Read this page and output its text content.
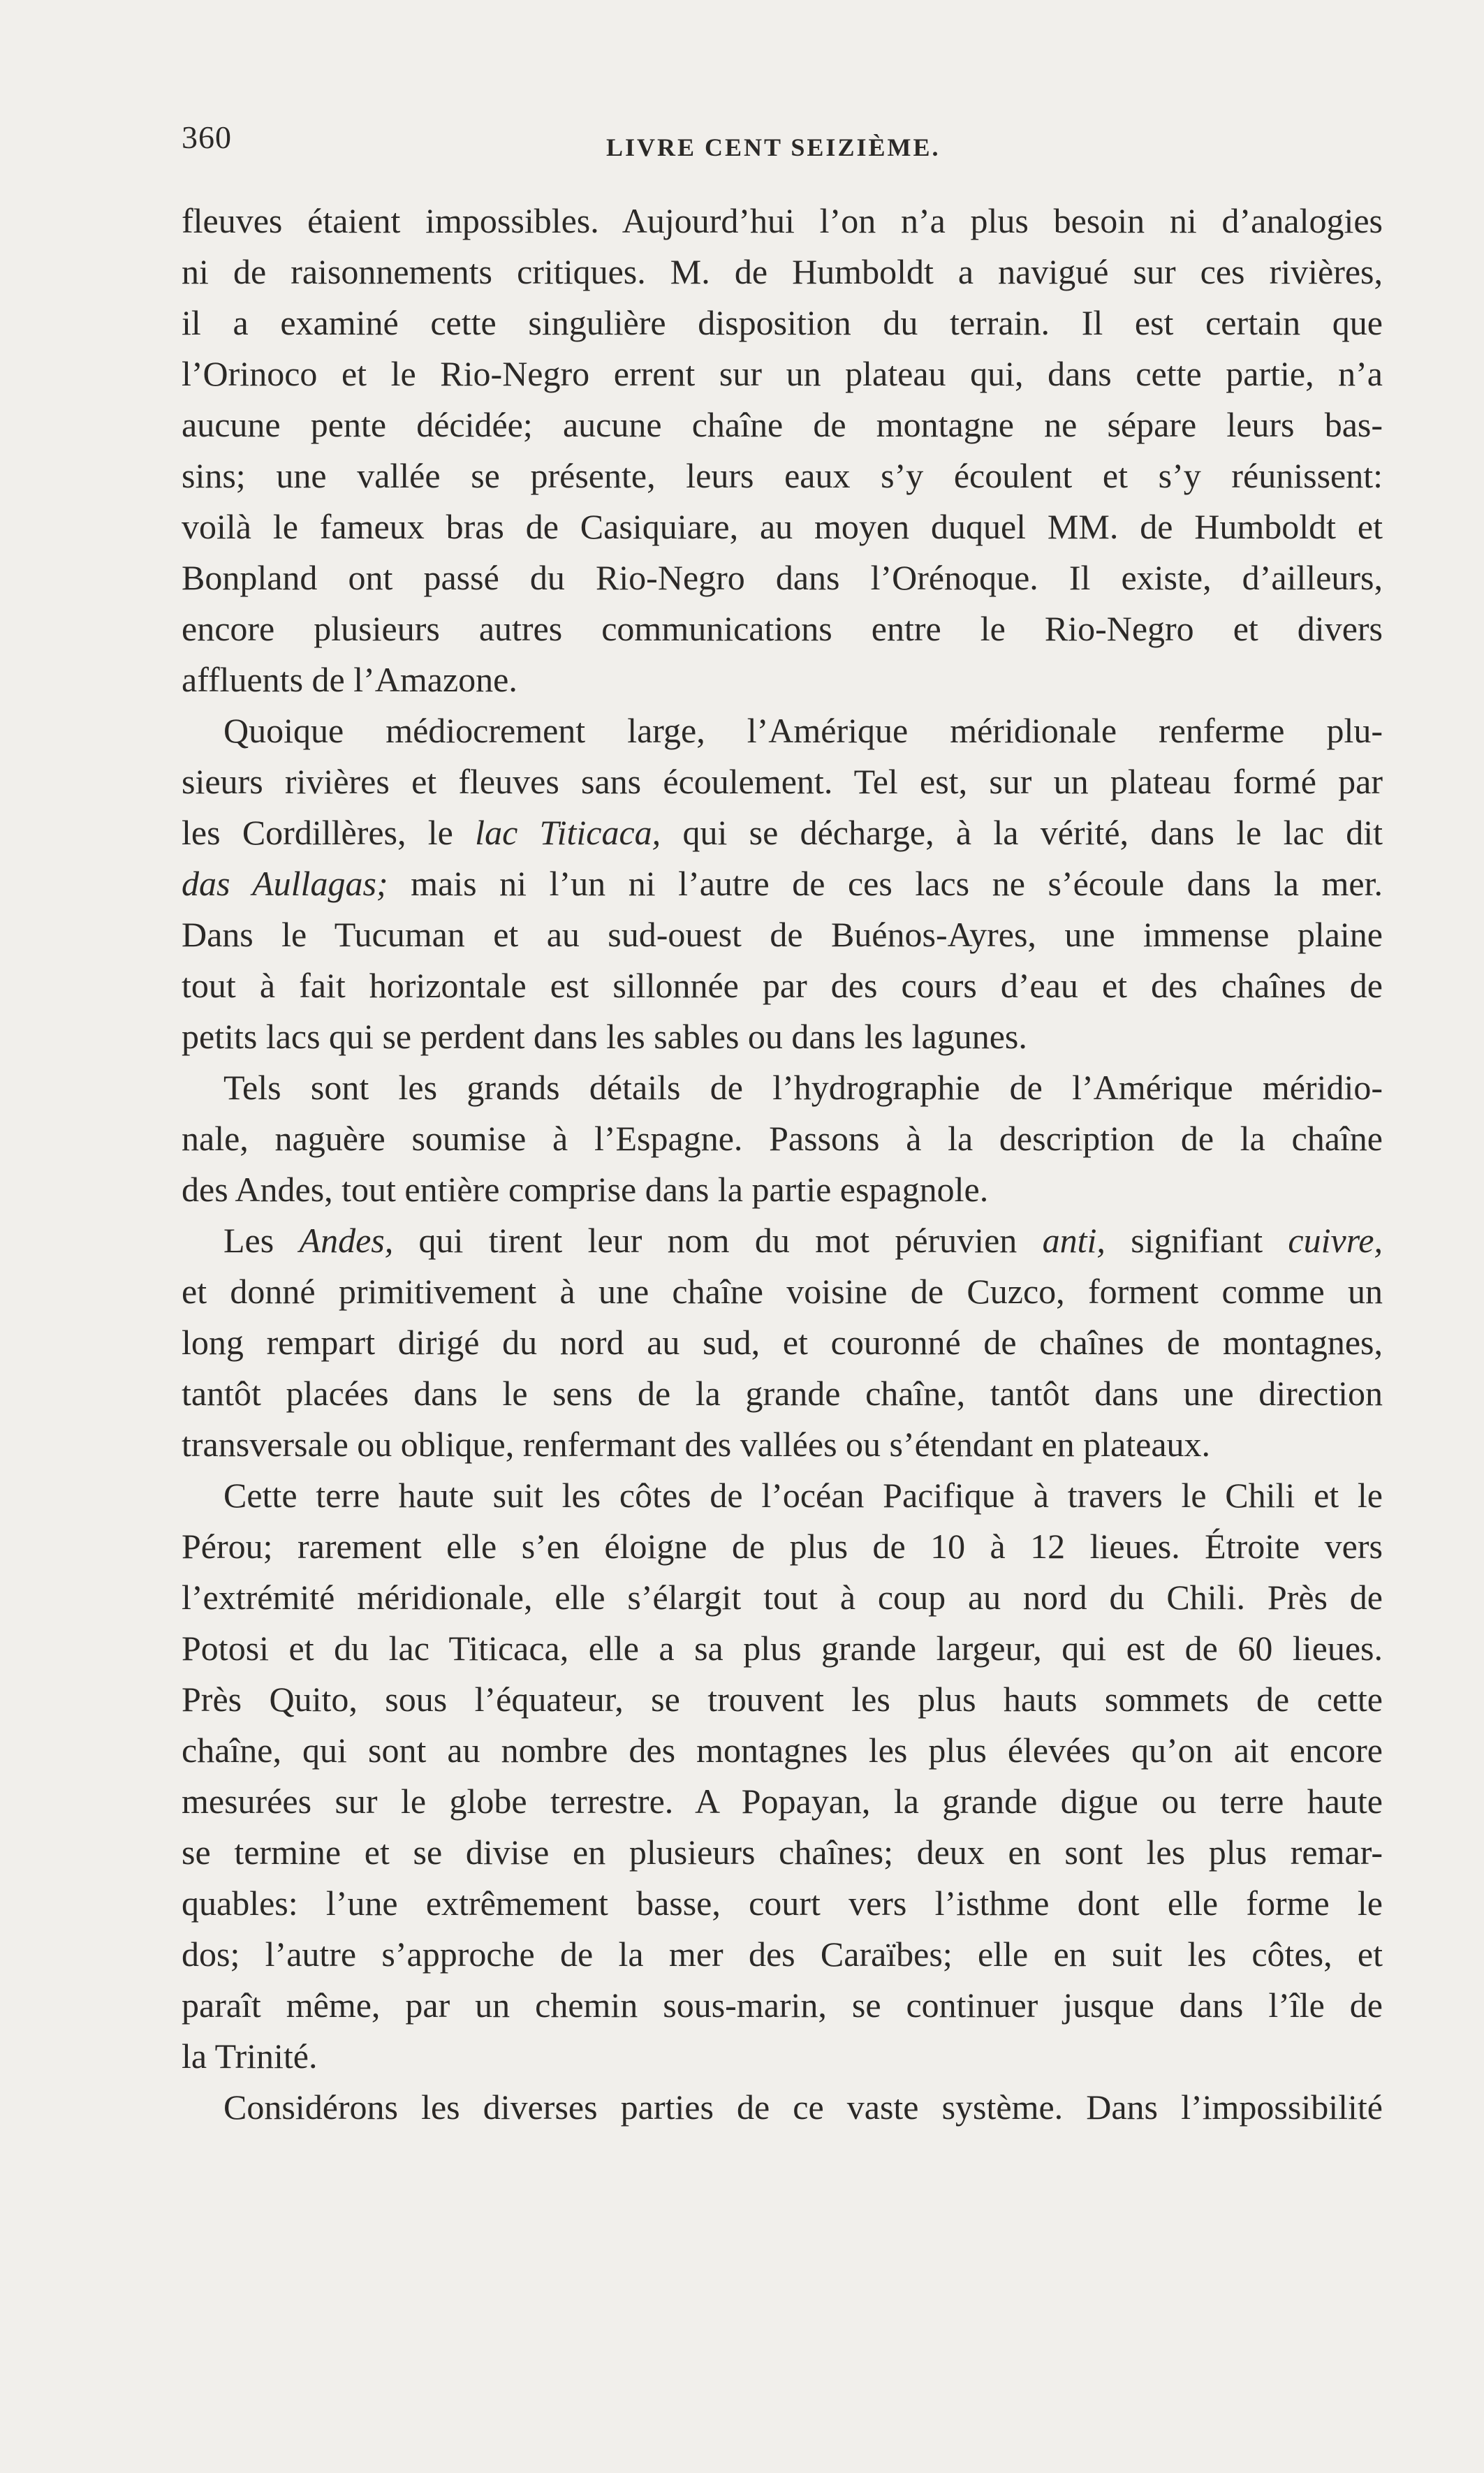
360	LIVRE CENT SEIZIÈME.
fleuves étaient impossibles. Aujourd’hui l’on n’a plus besoin ni d’analogies
ni de raisonnements critiques. M. de Humboldt a navigué sur ces rivières,
il a examiné cette singulière disposition du terrain. Il est certain que
l’Orinoco et le Rio-Negro errent sur un plateau qui, dans cette partie, n’a
aucune pente décidée; aucune chaîne de montagne ne sépare leurs bas-
sins; une vallée se présente, leurs eaux s’y écoulent et s’y réunissent:
voilà le fameux bras de Casiquiare, au moyen duquel MM. de Humboldt et
Bonpland ont passé du Rio-Negro dans l’Orénoque. Il existe, d’ailleurs,
encore plusieurs autres communications entre le Rio-Negro et divers
affluents de l’Amazone.
Quoique médiocrement large, l’Amérique méridionale renferme plu-
sieurs rivières et fleuves sans écoulement. Tel est, sur un plateau formé par
les Cordillères, le lac Titicaca, qui se décharge, à la vérité, dans le lac dit
das Aullagas; mais ni l’un ni l’autre de ces lacs ne s’écoule dans la mer.
Dans le Tucuman et au sud-ouest de Buénos-Ayres, une immense plaine
tout à fait horizontale est sillonnée par des cours d’eau et des chaînes de
petits lacs qui se perdent dans les sables ou dans les lagunes.
Tels sont les grands détails de l’hydrographie de l’Amérique méridio-
nale, naguère soumise à l’Espagne. Passons à la description de la chaîne
des Andes, tout entière comprise dans la partie espagnole.
Les Andes, qui tirent leur nom du mot péruvien anti, signifiant cuivre,
et donné primitivement à une chaîne voisine de Cuzco, forment comme un
long rempart dirigé du nord au sud, et couronné de chaînes de montagnes,
tantôt placées dans le sens de la grande chaîne, tantôt dans une direction
transversale ou oblique, renfermant des vallées ou s’étendant en plateaux.
Cette terre haute suit les côtes de l’océan Pacifique à travers le Chili et le
Pérou; rarement elle s’en éloigne de plus de 10 à 12 lieues. Étroite vers
l’extrémité méridionale, elle s’élargit tout à coup au nord du Chili. Près de
Potosi et du lac Titicaca, elle a sa plus grande largeur, qui est de 60 lieues.
Près Quito, sous l’équateur, se trouvent les plus hauts sommets de cette
chaîne, qui sont au nombre des montagnes les plus élevées qu’on ait encore
mesurées sur le globe terrestre. A Popayan, la grande digue ou terre haute
se termine et se divise en plusieurs chaînes; deux en sont les plus remar-
quables: l’une extrêmement basse, court vers l’isthme dont elle forme le
dos; l’autre s’approche de la mer des Caraïbes; elle en suit les côtes, et
paraît même, par un chemin sous-marin, se continuer jusque dans l’île de
la Trinité.
Considérons les diverses parties de ce vaste système. Dans l’impossibilité
